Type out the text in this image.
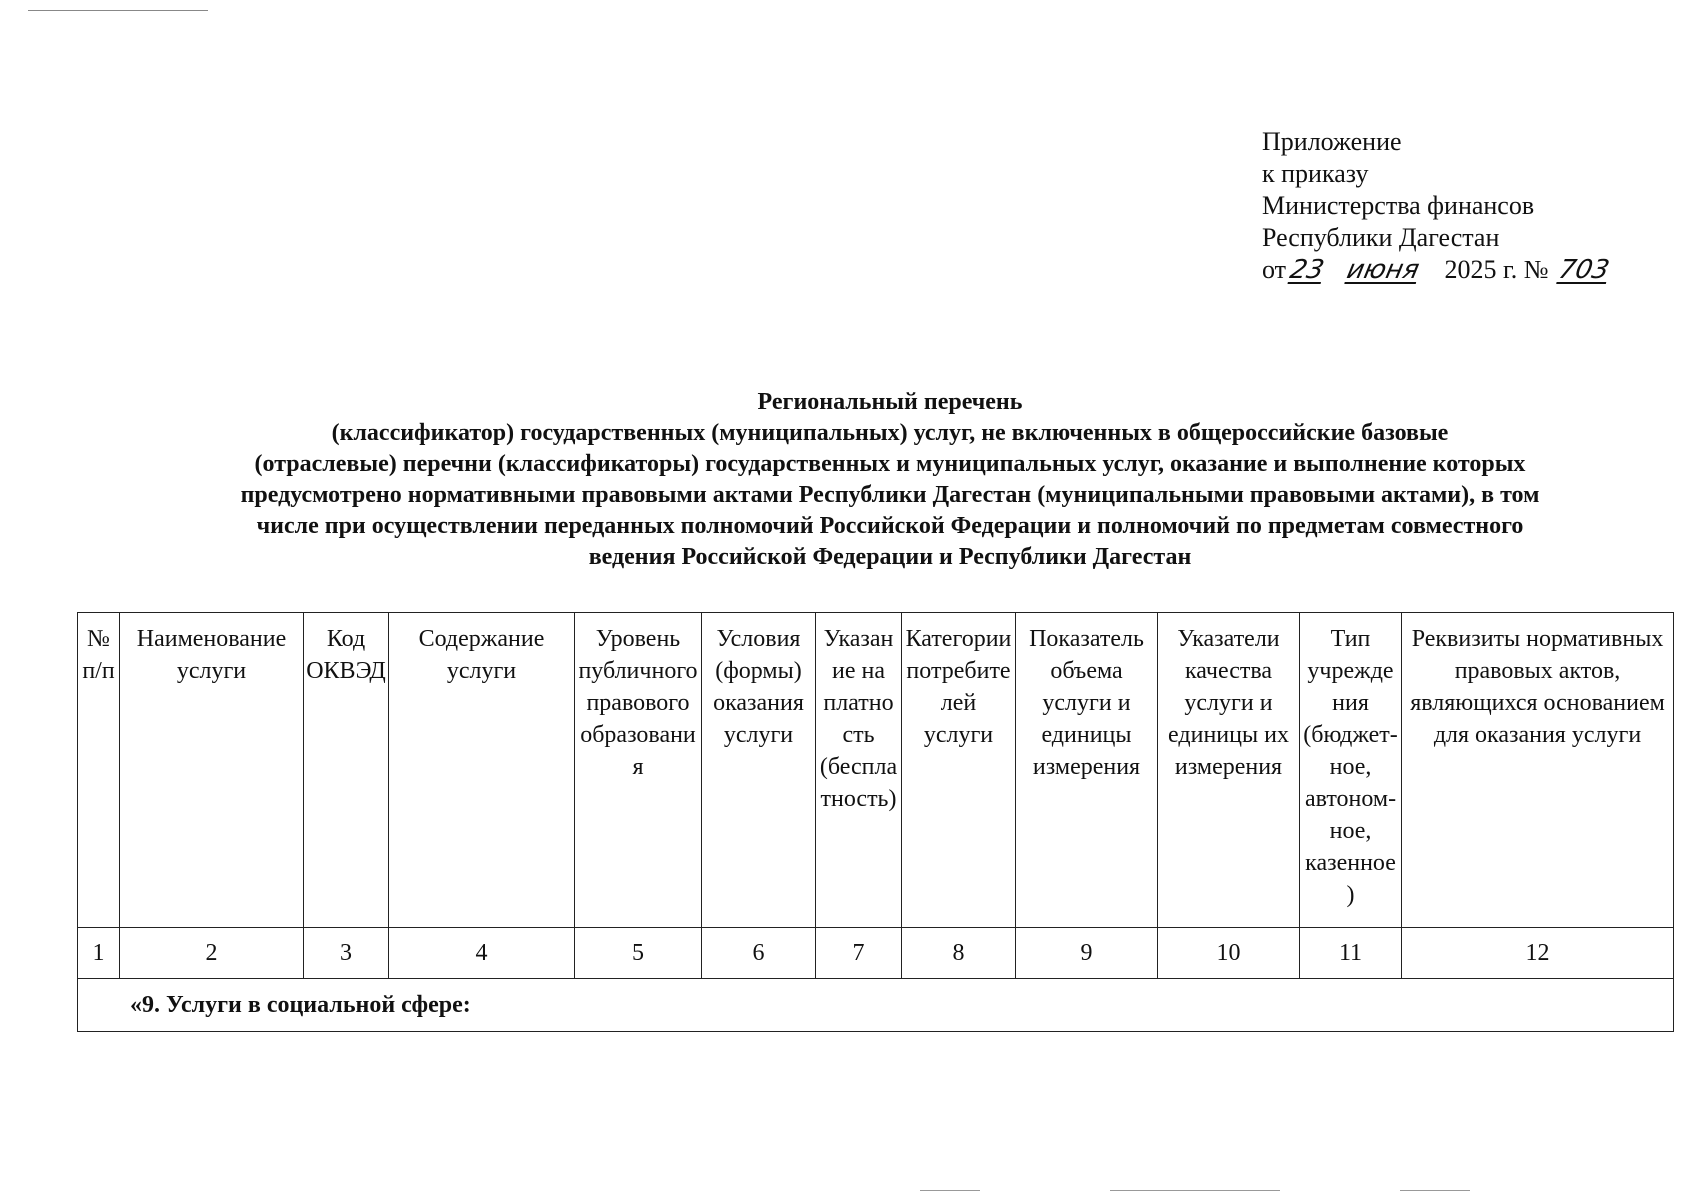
Приложение
к приказу
Министерства финансов
Республики Дагестан
от23 июня 2025 г. № 703
Региональный перечень
(классификатор) государственных (муниципальных) услуг, не включенных в общероссийские базовые
(отраслевые) перечни (классификаторы) государственных и муниципальных услуг, оказание и выполнение которых
предусмотрено нормативными правовыми актами Республики Дагестан (муниципальными правовыми актами), в том
числе при осуществлении переданных полномочий Российской Федерации и полномочий по предметам совместного
ведения Российской Федерации и Республики Дагестан
№ п/п	Наименование услуги	Код ОКВЭД	Содержание услуги	Уровень публичного правового образования	Условия (формы) оказания услуги	Указание на платность (бесплатность)	Категории потребителей услуги	Показатель объема услуги и единицы измерения	Указатели качества услуги и единицы их измерения	Тип учреждения (бюджет-ное, автоном-ное, казенное)	Реквизиты нормативных правовых актов, являющихся основанием для оказания услуги
1	2	3	4	5	6	7	8	9	10	11	12
«9. Услуги в социальной сфере:											
